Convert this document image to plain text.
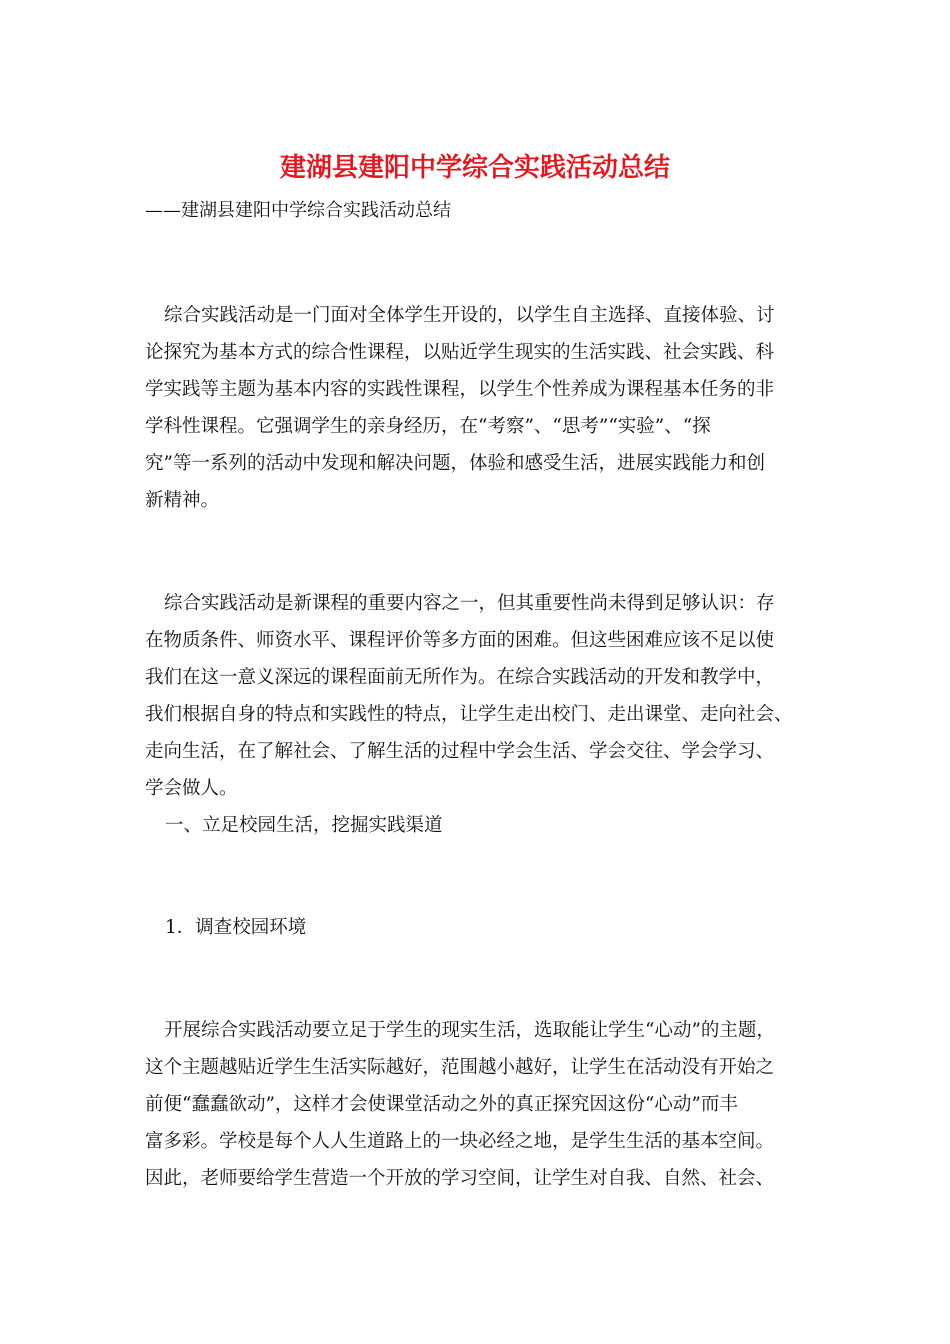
建湖县建阳中学综合实践活动总结

——建湖县建阳中学综合实践活动总结

综合实践活动是一门面对全体学生开设的，以学生自主选择、直接体验、讨
论探究为基本方式的综合性课程，以贴近学生现实的生活实践、社会实践、科
学实践等主题为基本内容的实践性课程，以学生个性养成为课程基本任务的非
学科性课程。它强调学生的亲身经历，在“考察”、“思考”“实验”、“探
究”等一系列的活动中发现和解决问题，体验和感受生活，进展实践能力和创
新精神。
综合实践活动是新课程的重要内容之一，但其重要性尚未得到足够认识：存
在物质条件、师资水平、课程评价等多方面的困难。但这些困难应该不足以使
我们在这一意义深远的课程面前无所作为。在综合实践活动的开发和教学中，
我们根据自身的特点和实践性的特点，让学生走出校门、走出课堂、走向社会、
走向生活，在了解社会、了解生活的过程中学会生活、学会交往、学会学习、
学会做人。

一、立足校园生活，挖掘实践渠道

1．调查校园环境

开展综合实践活动要立足于学生的现实生活，选取能让学生“心动”的主题，
这个主题越贴近学生生活实际越好，范围越小越好，让学生在活动没有开始之
前便“蠢蠢欲动”，这样才会使课堂活动之外的真正探究因这份“心动”而丰
富多彩。学校是每个人人生道路上的一块必经之地，是学生生活的基本空间。
因此，老师要给学生营造一个开放的学习空间，让学生对自我、自然、社会、
